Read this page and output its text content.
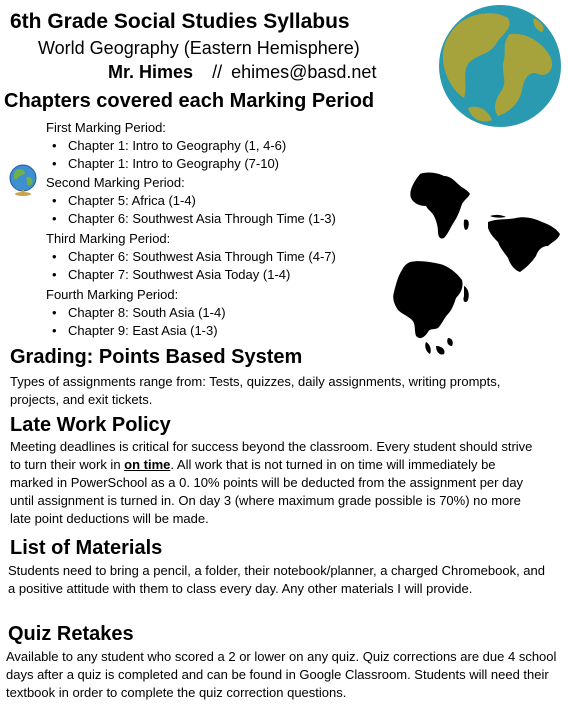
6th Grade Social Studies Syllabus
World Geography (Eastern Hemisphere)
Mr. Himes // ehimes@basd.net
Chapters covered each Marking Period
First Marking Period:
• Chapter 1: Intro to Geography (1, 4-6)
• Chapter 1: Intro to Geography (7-10)
Second Marking Period:
• Chapter 5: Africa (1-4)
• Chapter 6: Southwest Asia Through Time (1-3)
Third Marking Period:
• Chapter 6: Southwest Asia Through Time (4-7)
• Chapter 7: Southwest Asia Today (1-4)
Fourth Marking Period:
• Chapter 8: South Asia (1-4)
• Chapter 9: East Asia (1-3)
Grading: Points Based System
Types of assignments range from: Tests, quizzes, daily assignments, writing prompts, projects, and exit tickets.
Late Work Policy
Meeting deadlines is critical for success beyond the classroom. Every student should strive to turn their work in on time. All work that is not turned in on time will immediately be marked in PowerSchool as a 0. 10% points will be deducted from the assignment per day until assignment is turned in. On day 3 (where maximum grade possible is 70%) no more late point deductions will be made.
List of Materials
Students need to bring a pencil, a folder, their notebook/planner, a charged Chromebook, and a positive attitude with them to class every day. Any other materials I will provide.
Quiz Retakes
Available to any student who scored a 2 or lower on any quiz. Quiz corrections are due 4 school days after a quiz is completed and can be found in Google Classroom. Students will need their textbook in order to complete the quiz correction questions.
